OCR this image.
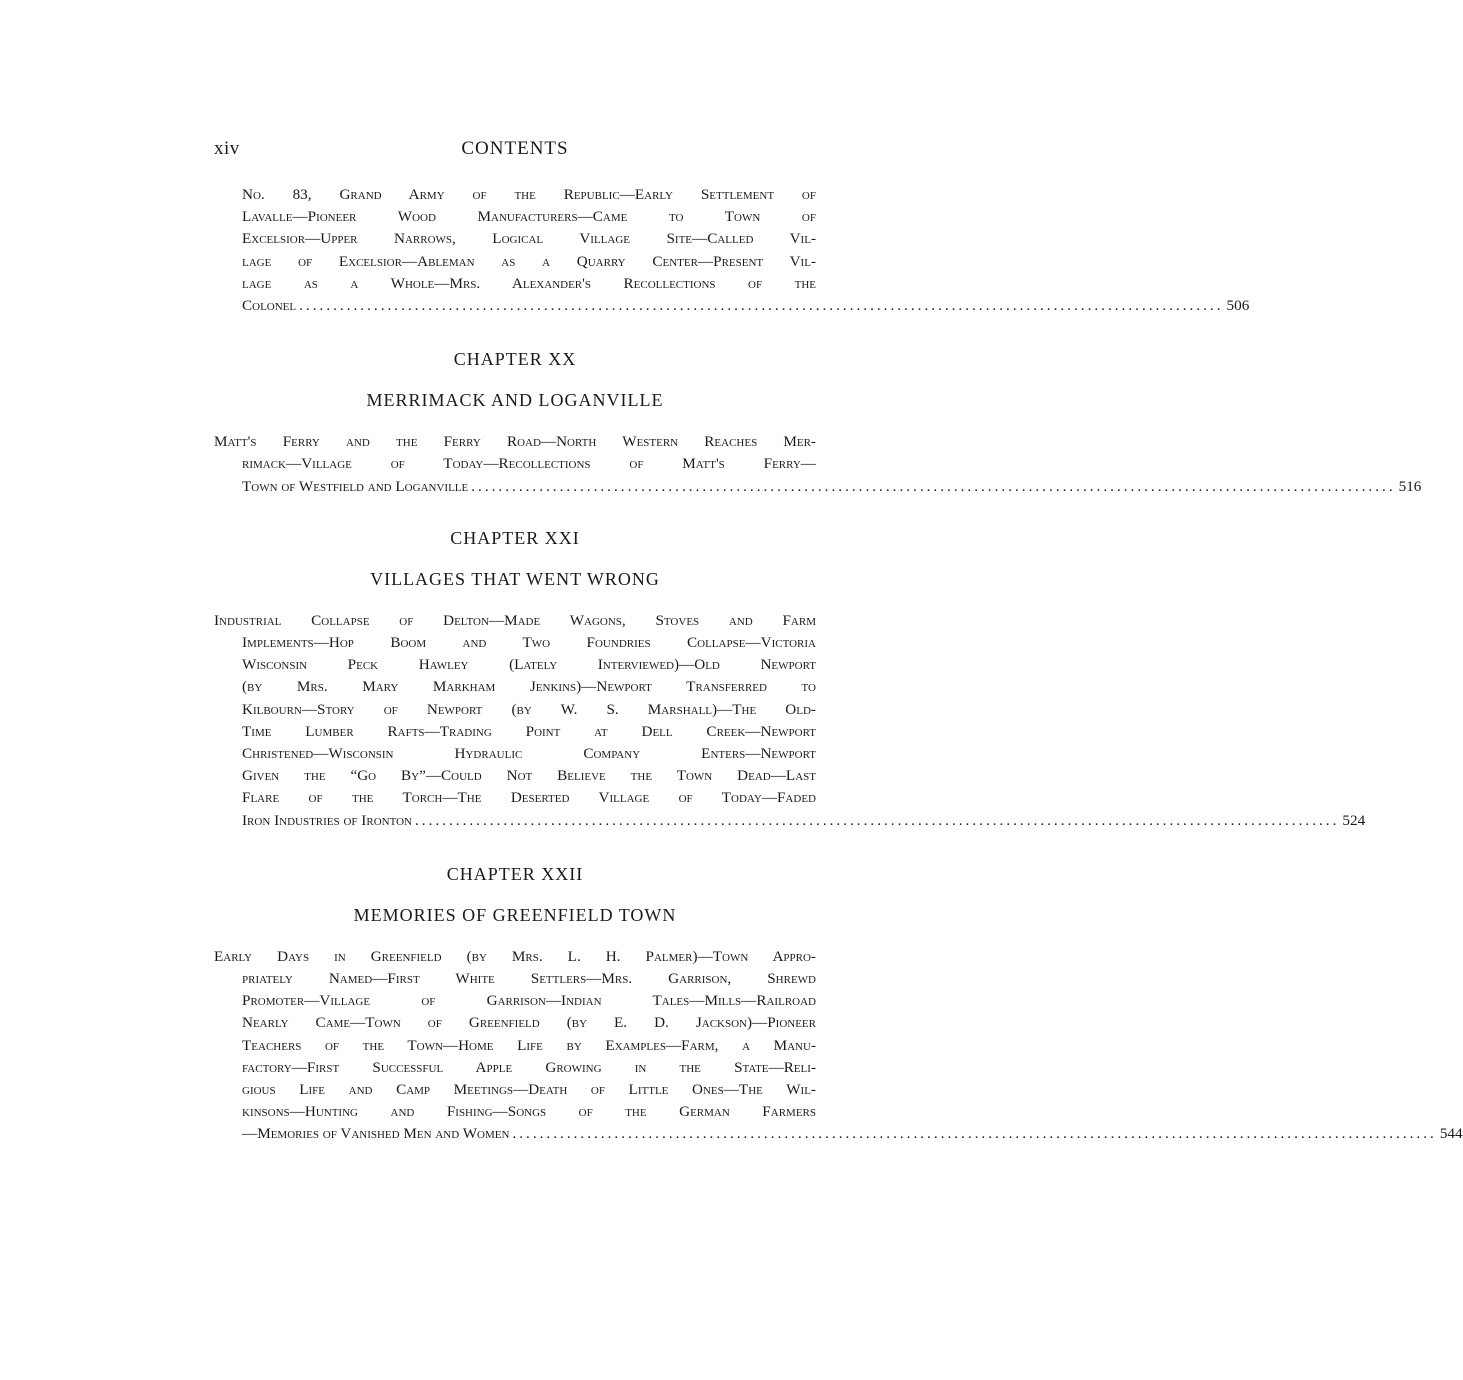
xiv	CONTENTS
No. 83, Grand Army of the Republic—Early Settlement of
Lavalle—Pioneer Wood Manufacturers—Came to Town of
Excelsior—Upper Narrows, Logical Village Site—Called Vil-
lage of Excelsior—Ableman as a Quarry Center—Present Vil-
lage as a Whole—Mrs. Alexander's Recollections of the
Colonel ........................................................................................................................................ 506
CHAPTER XX
MERRIMACK AND LOGANVILLE
Matt's Ferry and the Ferry Road—North Western Reaches Mer-
rimack—Village of Today—Recollections of Matt's Ferry—
Town of Westfield and Loganville ........................................................................................................................................ 516
CHAPTER XXI
VILLAGES THAT WENT WRONG
Industrial Collapse of Delton—Made Wagons, Stoves and Farm
Implements—Hop Boom and Two Foundries Collapse—Victoria
Wisconsin Peck Hawley (Lately Interviewed)—Old Newport
(by Mrs. Mary Markham Jenkins)—Newport Transferred to
Kilbourn—Story of Newport (by W. S. Marshall)—The Old-
Time Lumber Rafts—Trading Point at Dell Creek—Newport
Christened—Wisconsin Hydraulic Company Enters—Newport
Given the “Go By”—Could Not Believe the Town Dead—Last
Flare of the Torch—The Deserted Village of Today—Faded
Iron Industries of Ironton ........................................................................................................................................ 524
CHAPTER XXII
MEMORIES OF GREENFIELD TOWN
Early Days in Greenfield (by Mrs. L. H. Palmer)—Town Appro-
priately Named—First White Settlers—Mrs. Garrison, Shrewd
Promoter—Village of Garrison—Indian Tales—Mills—Railroad
Nearly Came—Town of Greenfield (by E. D. Jackson)—Pioneer
Teachers of the Town—Home Life by Examples—Farm, a Manu-
factory—First Successful Apple Growing in the State—Reli-
gious Life and Camp Meetings—Death of Little Ones—The Wil-
kinsons—Hunting and Fishing—Songs of the German Farmers
—Memories of Vanished Men and Women ........................................................................................................................................ 544
